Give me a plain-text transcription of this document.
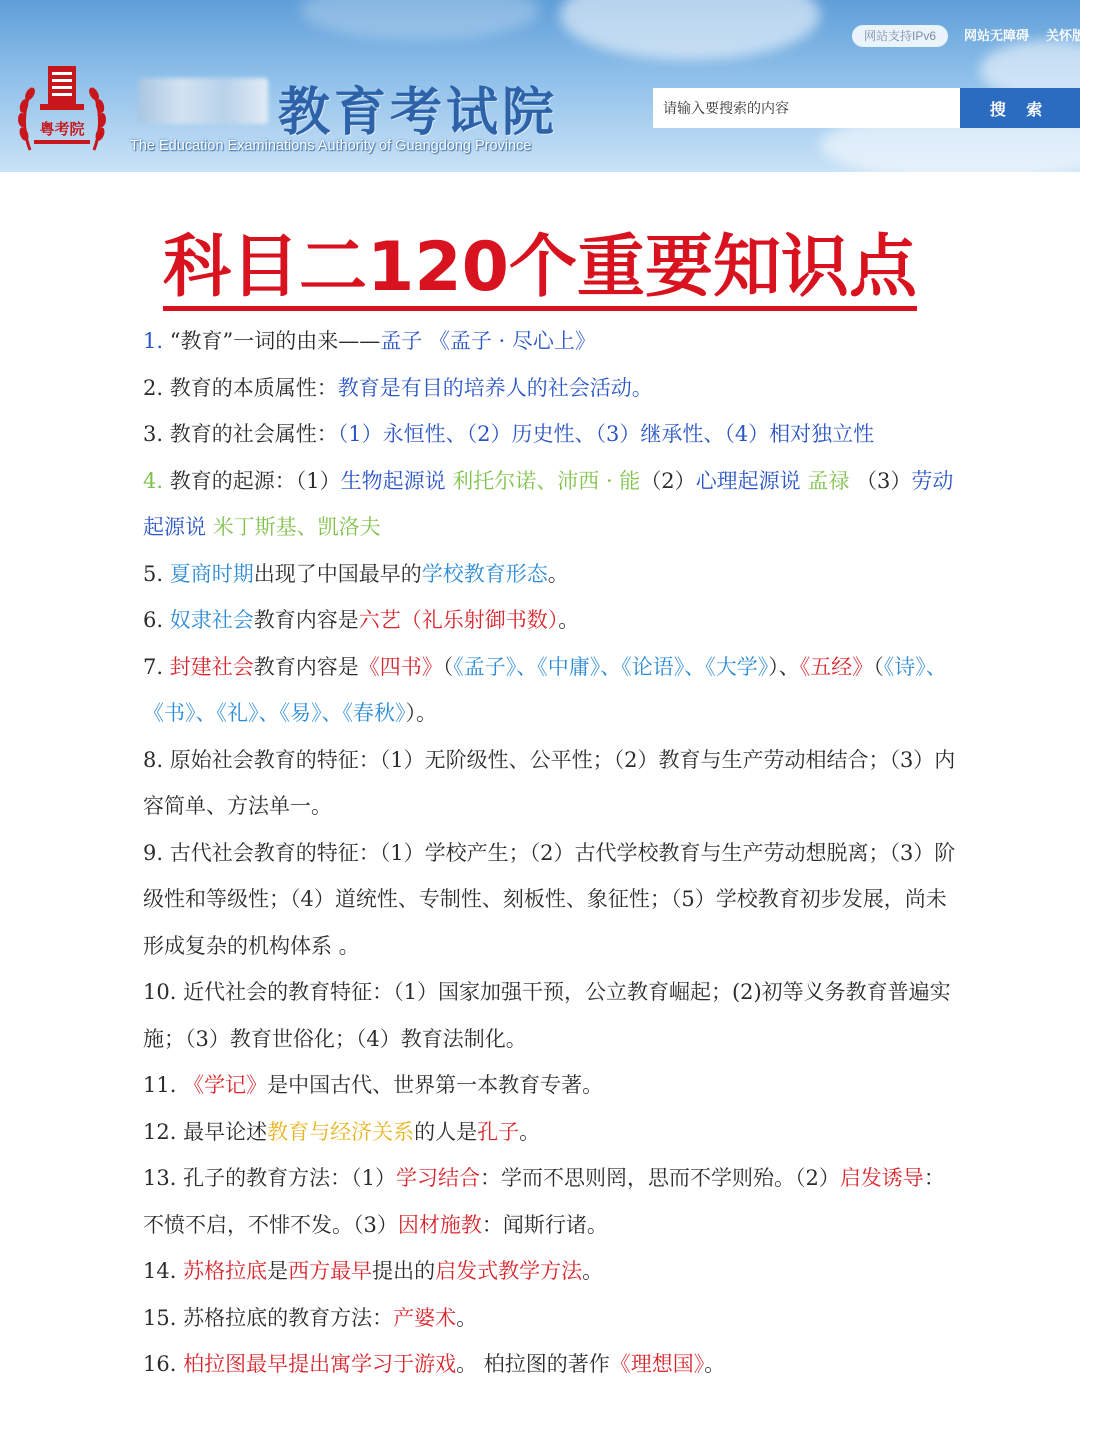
粤考院	教育考试院
The Education Examinations Authority of Guangdong Province
网站支持IPv6	网站无障碍 关怀版
请输入要搜索的内容
搜 索
科目二120个重要知识点

1. “教育”一词的由来——孟子 《孟子 · 尽心上》

2. 教育的本质属性：教育是有目的培养人的社会活动。

3. 教育的社会属性：（1）永恒性、（2）历史性、（3）继承性、（4）相对独立性

4. 教育的起源：（1）生物起源说 利托尔诺、沛西 · 能（2）心理起源说 孟禄 （3）劳动起源说 米丁斯基、凯洛夫

5. 夏商时期出现了中国最早的学校教育形态。

6. 奴隶社会教育内容是六艺（礼乐射御书数）。

7. 封建社会教育内容是《四书》（《孟子》、《中庸》、《论语》、《大学》）、《五经》（《诗》、《书》、《礼》、《易》、《春秋》）。

8. 原始社会教育的特征：（1）无阶级性、公平性；（2）教育与生产劳动相结合；（3）内容简单、方法单一。

9. 古代社会教育的特征：（1）学校产生；（2）古代学校教育与生产劳动想脱离；（3）阶级性和等级性；（4）道统性、专制性、刻板性、象征性；（5）学校教育初步发展，尚未形成复杂的机构体系 。

10. 近代社会的教育特征：（1）国家加强干预，公立教育崛起；(2)初等义务教育普遍实施；（3）教育世俗化；（4）教育法制化。

11. 《学记》是中国古代、世界第一本教育专著。

12. 最早论述教育与经济关系的人是孔子。

13. 孔子的教育方法：（1）学习结合：学而不思则罔，思而不学则殆。（2）启发诱导：不愤不启，不悱不发。（3）因材施教：闻斯行诸。

14. 苏格拉底是西方最早提出的启发式教学方法。

15. 苏格拉底的教育方法：产婆术。

16. 柏拉图最早提出寓学习于游戏。 柏拉图的著作《理想国》。
